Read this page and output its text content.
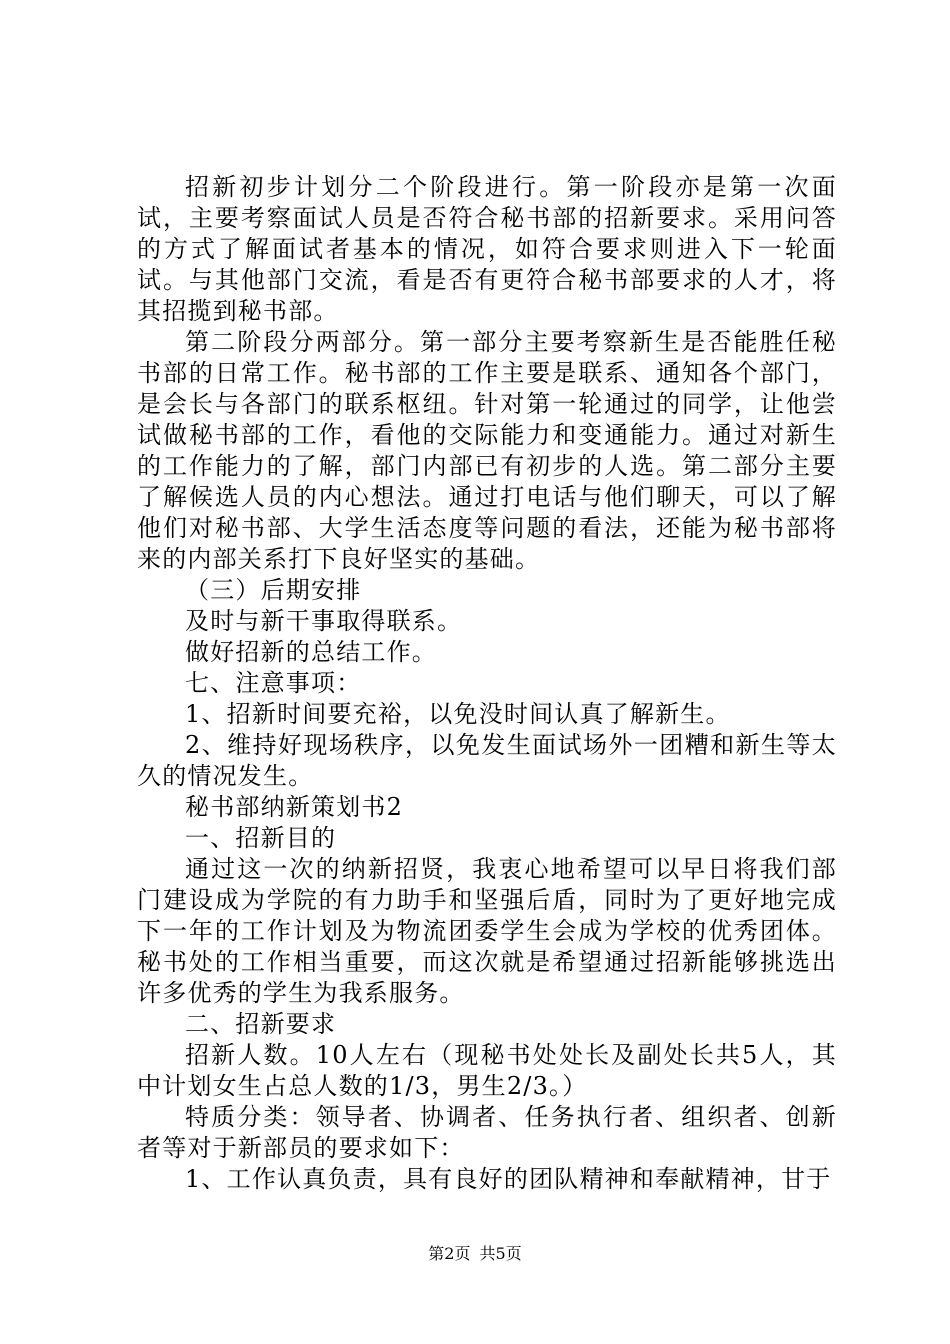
招新初步计划分二个阶段进行。第一阶段亦是第一次面试，主要考察面试人员是否符合秘书部的招新要求。采用问答的方式了解面试者基本的情况，如符合要求则进入下一轮面试。与其他部门交流，看是否有更符合秘书部要求的人才，将其招揽到秘书部。

第二阶段分两部分。第一部分主要考察新生是否能胜任秘书部的日常工作。秘书部的工作主要是联系、通知各个部门，是会长与各部门的联系枢纽。针对第一轮通过的同学，让他尝试做秘书部的工作，看他的交际能力和变通能力。通过对新生的工作能力的了解，部门内部已有初步的人选。第二部分主要了解候选人员的内心想法。通过打电话与他们聊天，可以了解他们对秘书部、大学生活态度等问题的看法，还能为秘书部将来的内部关系打下良好坚实的基础。

（三）后期安排

及时与新干事取得联系。

做好招新的总结工作。

七、注意事项：

1、招新时间要充裕，以免没时间认真了解新生。

2、维持好现场秩序，以免发生面试场外一团糟和新生等太久的情况发生。

秘书部纳新策划书2

一、招新目的

通过这一次的纳新招贤，我衷心地希望可以早日将我们部门建设成为学院的有力助手和坚强后盾，同时为了更好地完成下一年的工作计划及为物流团委学生会成为学校的优秀团体。秘书处的工作相当重要，而这次就是希望通过招新能够挑选出许多优秀的学生为我系服务。

二、招新要求

招新人数。10人左右（现秘书处处长及副处长共5人，其中计划女生占总人数的1/3，男生2/3。）

特质分类：领导者、协调者、任务执行者、组织者、创新者等对于新部员的要求如下：

1、工作认真负责，具有良好的团队精神和奉献精神，甘于

第2页 共5页
